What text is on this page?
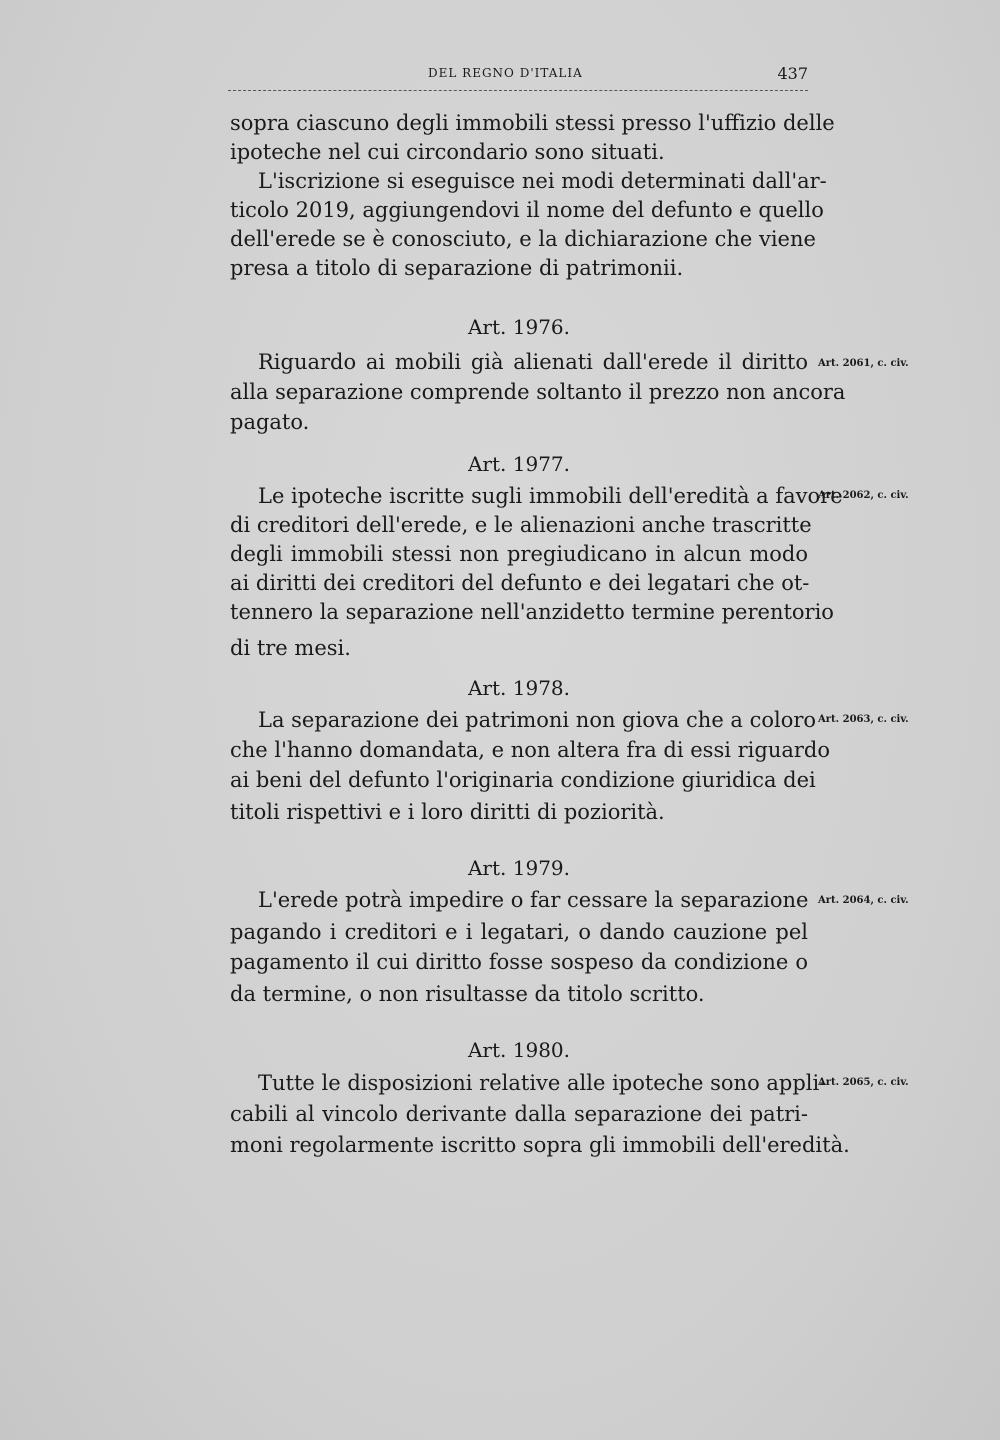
DEL REGNO D'ITALIA	437
sopra ciascuno degli immobili stessi presso l'uffizio delle
ipoteche nel cui circondario sono situati.
L'iscrizione si eseguisce nei modi determinati dall'ar-
ticolo 2019, aggiungendovi il nome del defunto e quello
dell'erede se è conosciuto, e la dichiarazione che viene
presa a titolo di separazione di patrimonii.
Art. 1976.
Art. 2061, c. civ.
Riguardo ai mobili già alienati dall'erede il diritto
alla separazione comprende soltanto il prezzo non ancora
pagato.
Art. 1977.
Art. 2062, c. civ.
Le ipoteche iscritte sugli immobili dell'eredità a favore
di creditori dell'erede, e le alienazioni anche trascritte
degli immobili stessi non pregiudicano in alcun modo
ai diritti dei creditori del defunto e dei legatari che ot-
tennero la separazione nell'anzidetto termine perentorio
di tre mesi.
Art. 1978.
Art. 2063, c. civ.
La separazione dei patrimoni non giova che a coloro
che l'hanno domandata, e non altera fra di essi riguardo
ai beni del defunto l'originaria condizione giuridica dei
titoli rispettivi e i loro diritti di poziorità.
Art. 1979.
Art. 2064, c. civ.
L'erede potrà impedire o far cessare la separazione
pagando i creditori e i legatari, o dando cauzione pel
pagamento il cui diritto fosse sospeso da condizione o
da termine, o non risultasse da titolo scritto.
Art. 1980.
Art. 2065, c. civ.
Tutte le disposizioni relative alle ipoteche sono appli-
cabili al vincolo derivante dalla separazione dei patri-
moni regolarmente iscritto sopra gli immobili dell'eredità.
